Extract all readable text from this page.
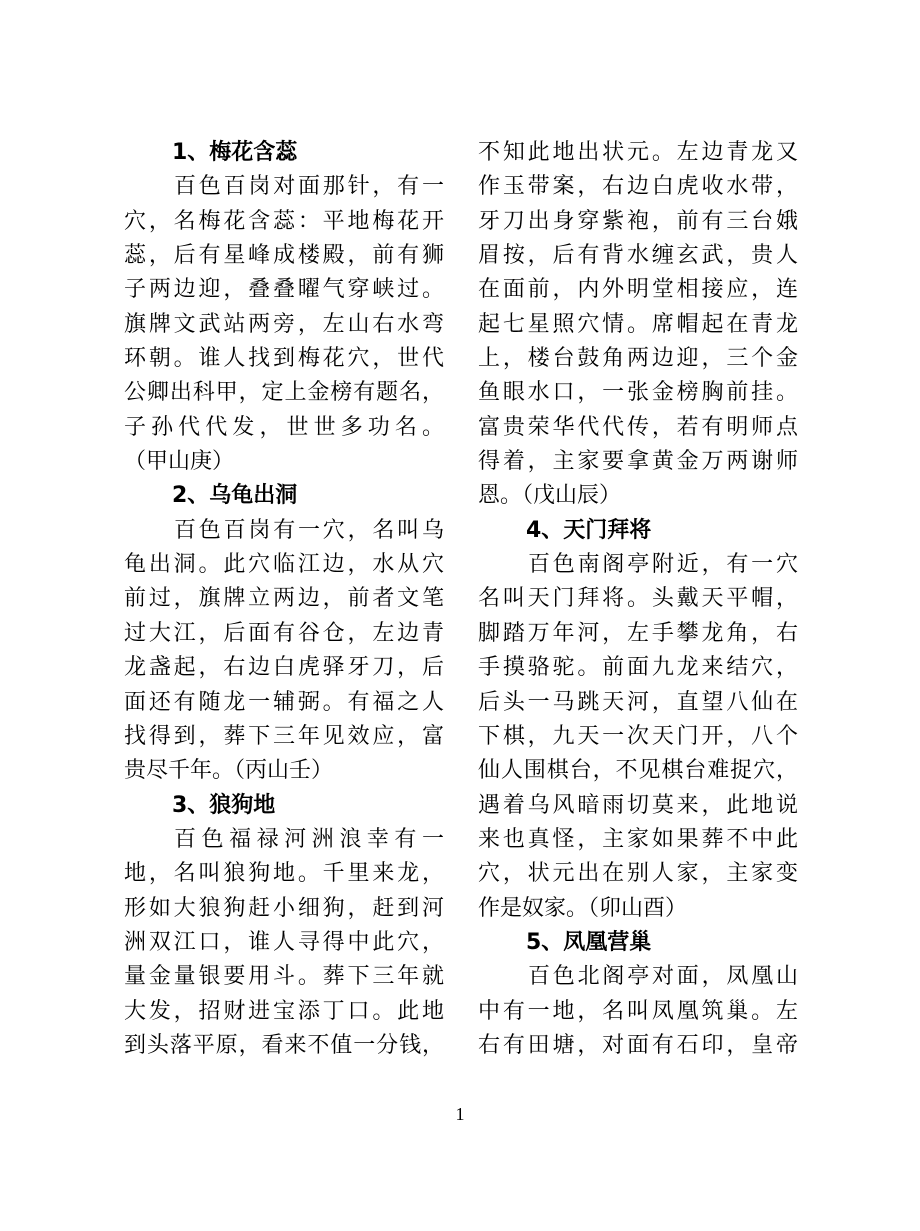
1、梅花含蕊
百色百岗对面那针，有一
穴，名梅花含蕊：平地梅花开
蕊，后有星峰成楼殿，前有狮
子两边迎，叠叠曜气穿峡过。
旗牌文武站两旁，左山右水弯
环朝。谁人找到梅花穴，世代
公卿出科甲，定上金榜有题名，
子孙代代发，世世多功名。
（甲山庚）
2、乌龟出洞
百色百岗有一穴，名叫乌
龟出洞。此穴临江边，水从穴
前过，旗牌立两边，前者文笔
过大江，后面有谷仓，左边青
龙盏起，右边白虎驿牙刀，后
面还有随龙一辅弼。有福之人
找得到，葬下三年见效应，富
贵尽千年。（丙山壬）
3、狼狗地
百色福禄河洲浪幸有一
地，名叫狼狗地。千里来龙，
形如大狼狗赶小细狗，赶到河
洲双江口，谁人寻得中此穴，
量金量银要用斗。葬下三年就
大发，招财进宝添丁口。此地
到头落平原，看来不值一分钱，
不知此地出状元。左边青龙又
作玉带案，右边白虎收水带，
牙刀出身穿紫袍，前有三台娥
眉按，后有背水缠玄武，贵人
在面前，内外明堂相接应，连
起七星照穴情。席帽起在青龙
上，楼台鼓角两边迎，三个金
鱼眼水口，一张金榜胸前挂。
富贵荣华代代传，若有明师点
得着，主家要拿黄金万两谢师
恩。（戊山辰）
4、天门拜将
百色南阁亭附近，有一穴
名叫天门拜将。头戴天平帽，
脚踏万年河，左手攀龙角，右
手摸骆驼。前面九龙来结穴，
后头一马跳天河，直望八仙在
下棋，九天一次天门开，八个
仙人围棋台，不见棋台难捉穴，
遇着乌风暗雨切莫来，此地说
来也真怪，主家如果葬不中此
穴，状元出在别人家，主家变
作是奴家。（卯山酉）
5、凤凰营巢
百色北阁亭对面，凤凰山
中有一地，名叫凤凰筑巢。左
右有田塘，对面有石印，皇帝
1
